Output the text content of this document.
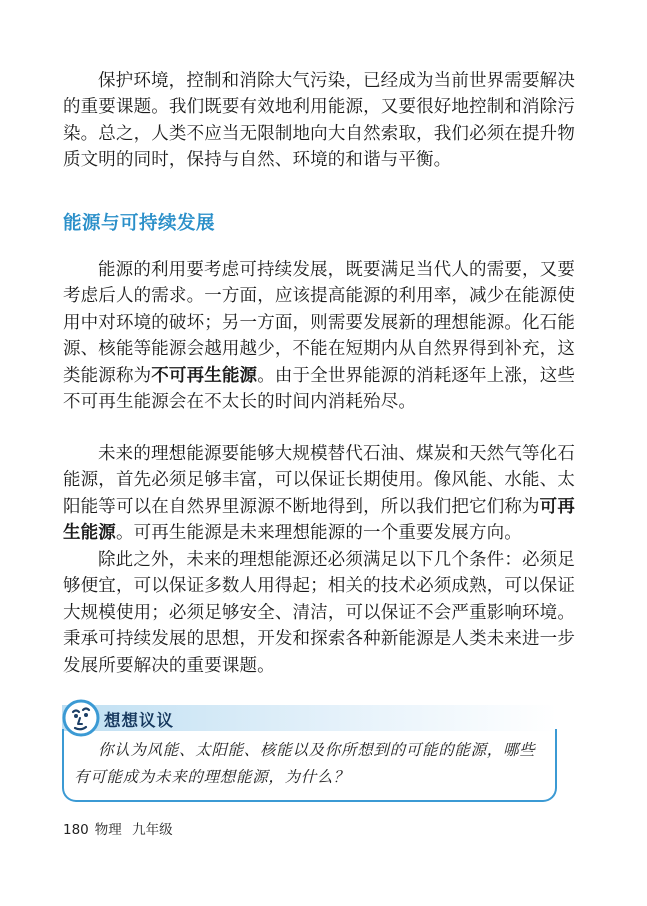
保护环境，控制和消除大气污染，已经成为当前世界需要解决的重要课题。我们既要有效地利用能源，又要很好地控制和消除污染。总之，人类不应当无限制地向大自然索取，我们必须在提升物质文明的同时，保持与自然、环境的和谐与平衡。

能源与可持续发展

能源的利用要考虑可持续发展，既要满足当代人的需要，又要考虑后人的需求。一方面，应该提高能源的利用率，减少在能源使用中对环境的破坏；另一方面，则需要发展新的理想能源。化石能源、核能等能源会越用越少，不能在短期内从自然界得到补充，这类能源称为不可再生能源。由于全世界能源的消耗逐年上涨，这些不可再生能源会在不太长的时间内消耗殆尽。

未来的理想能源要能够大规模替代石油、煤炭和天然气等化石能源，首先必须足够丰富，可以保证长期使用。像风能、水能、太阳能等可以在自然界里源源不断地得到，所以我们把它们称为可再生能源。可再生能源是未来理想能源的一个重要发展方向。

除此之外，未来的理想能源还必须满足以下几个条件：必须足够便宜，可以保证多数人用得起；相关的技术必须成熟，可以保证大规模使用；必须足够安全、清洁，可以保证不会严重影响环境。秉承可持续发展的思想，开发和探索各种新能源是人类未来进一步发展所要解决的重要课题。

想想议议

你认为风能、太阳能、核能以及你所想到的可能的能源，哪些有可能成为未来的理想能源，为什么？

180 物理 九年级
